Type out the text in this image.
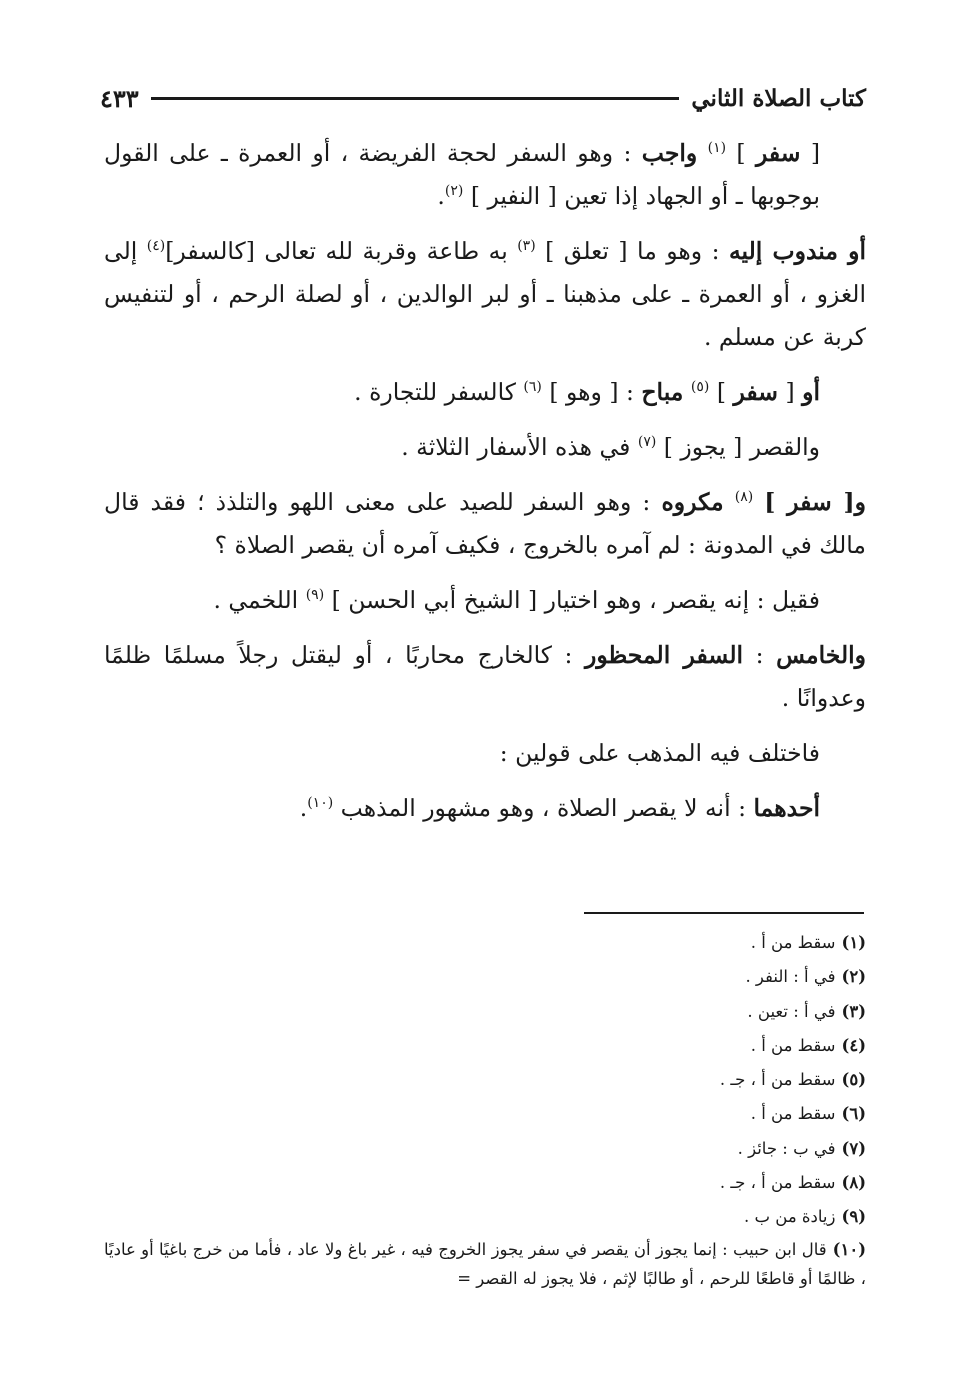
كتاب الصلاة الثاني
٤٣٣

[ سفر ] $^{(١)}$ واجب : وهو السفر لحجة الفريضة ، أو العمرة ـ على القول بوجوبها ـ أو الجهاد إذا تعين [ النفير ] $^{(٢)}$.

أو مندوب إليه : وهو ما [ تعلق ] $^{(٣)}$ به طاعة وقربة لله تعالى [كالسفر]$^{(٤)}$ إلى الغزو ، أو العمرة ـ على مذهبنا ـ أو لبر الوالدين ، أو لصلة الرحم ، أو لتنفيس كربة عن مسلم .

أو [ سفر ] $^{(٥)}$ مباح : [ وهو ] $^{(٦)}$ كالسفر للتجارة .

والقصر [ يجوز ] $^{(٧)}$ في هذه الأسفار الثلاثة .

و[ سفر ] $^{(٨)}$ مكروه : وهو السفر للصيد على معنى اللهو والتلذذ ؛ فقد قال مالك في المدونة : لم آمره بالخروج ، فكيف آمره أن يقصر الصلاة ؟

فقيل : إنه يقصر ، وهو اختيار [ الشيخ أبي الحسن ] $^{(٩)}$ اللخمي .

والخامس : السفر المحظور : كالخارج محاربًا ، أو ليقتل رجلاً مسلمًا ظلمًا وعدوانًا .

فاختلف فيه المذهب على قولين :

أحدهما : أنه لا يقصر الصلاة ، وهو مشهور المذهب $^{(١٠)}$.

(١)سقط من أ .
(٢)في أ : النفر .
(٣)في أ : تعين .
(٤)سقط من أ .
(٥)سقط من أ ، جـ .
(٦)سقط من أ .
(٧)في ب : جائز .
(٨)سقط من أ ، جـ .
(٩)زيادة من ب .
(١٠)قال ابن حبيب : إنما يجوز أن يقصر في سفر يجوز الخروج فيه ، غير باغ ولا عاد ، فأما من خرج باغيًا أو عاديًا ، ظالمًا أو قاطعًا للرحم ، أو طالبًا لإثم ، فلا يجوز له القصر =
